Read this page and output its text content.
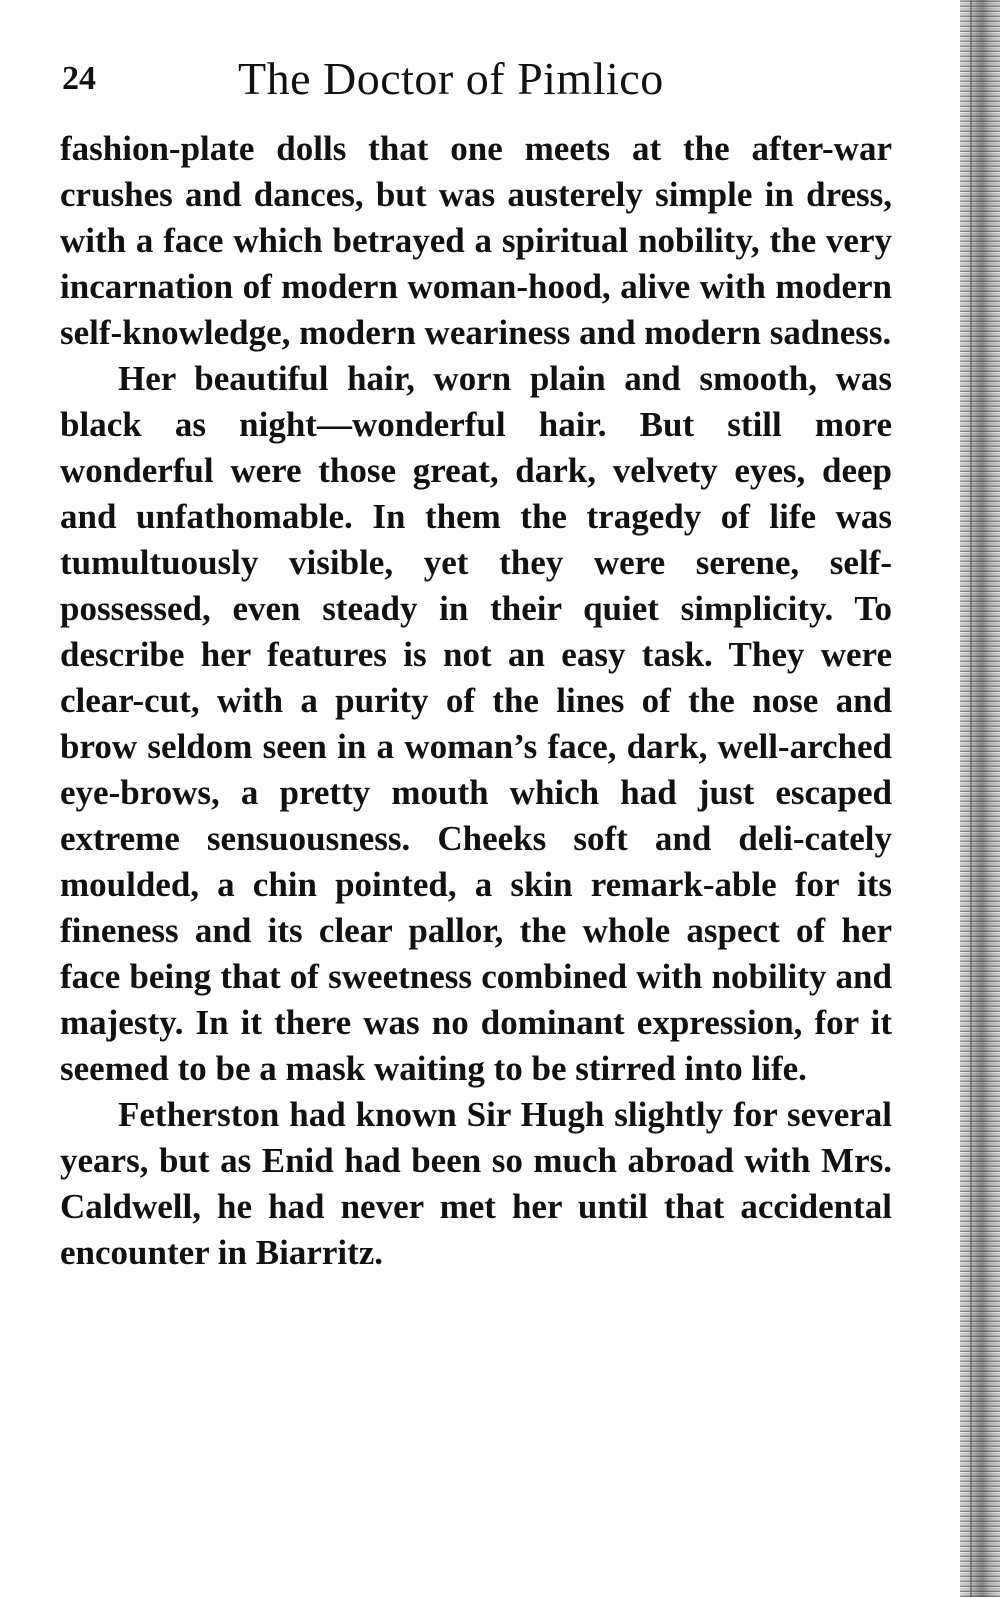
24	The Doctor of Pimlico

fashion-plate dolls that one meets at the after-war crushes and dances, but was austerely simple in dress, with a face which betrayed a spiritual nobility, the very incarnation of modern woman-hood, alive with modern self-knowledge, modern weariness and modern sadness.

Her beautiful hair, worn plain and smooth, was black as night—wonderful hair. But still more wonderful were those great, dark, velvety eyes, deep and unfathomable. In them the tragedy of life was tumultuously visible, yet they were serene, self-possessed, even steady in their quiet simplicity. To describe her features is not an easy task. They were clear-cut, with a purity of the lines of the nose and brow seldom seen in a woman’s face, dark, well-arched eye-brows, a pretty mouth which had just escaped extreme sensuousness. Cheeks soft and deli-cately moulded, a chin pointed, a skin remark-able for its fineness and its clear pallor, the whole aspect of her face being that of sweetness combined with nobility and majesty. In it there was no dominant expression, for it seemed to be a mask waiting to be stirred into life.

Fetherston had known Sir Hugh slightly for several years, but as Enid had been so much abroad with Mrs. Caldwell, he had never met her until that accidental encounter in Biarritz.
